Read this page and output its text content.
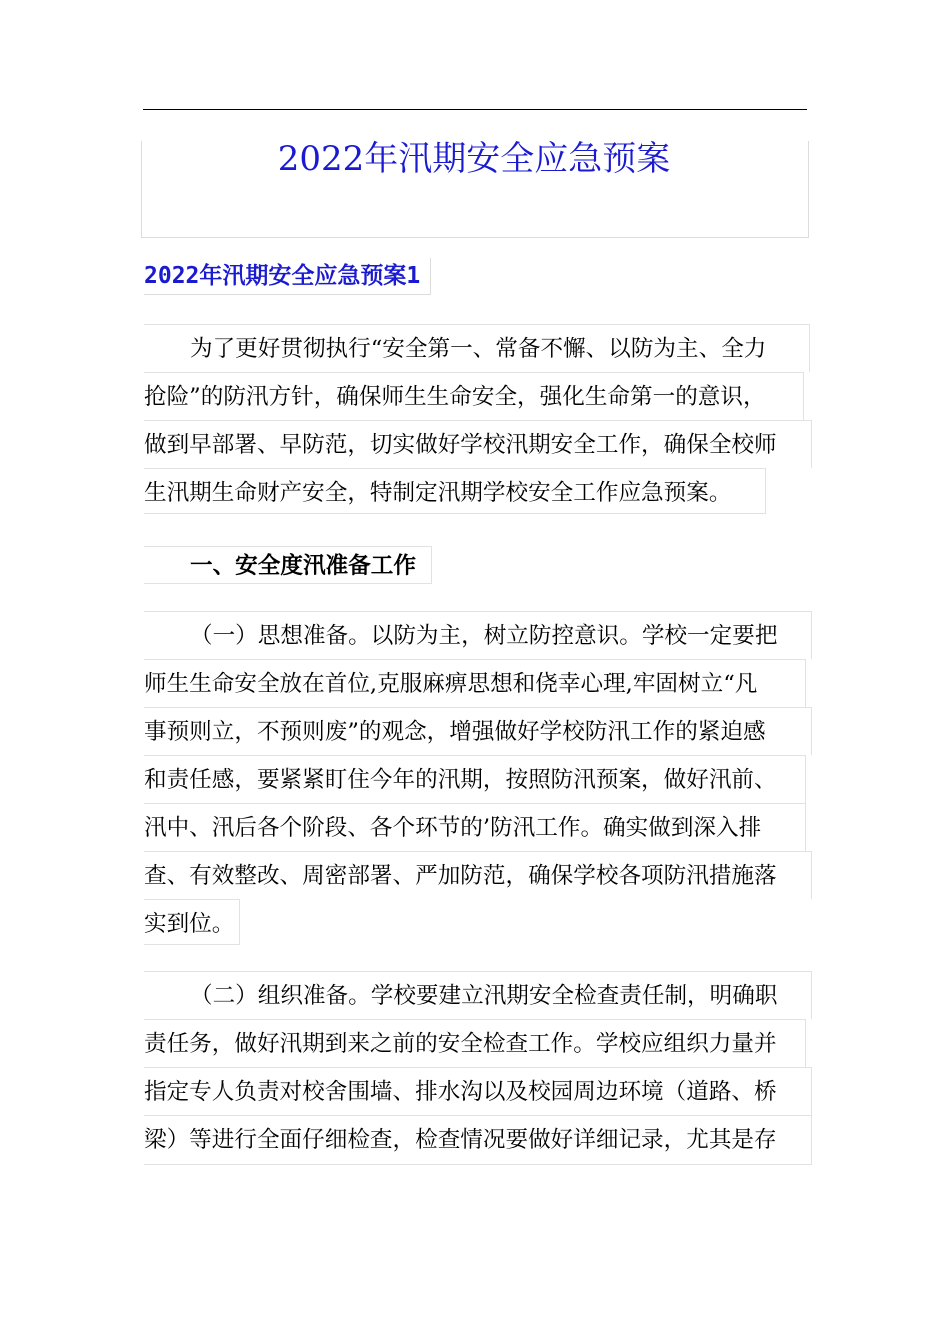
2022年汛期安全应急预案
2022年汛期安全应急预案1
为了更好贯彻执行“安全第一、常备不懈、以防为主、全力
抢险”的防汛方针，确保师生生命安全，强化生命第一的意识，
做到早部署、早防范，切实做好学校汛期安全工作，确保全校师
生汛期生命财产安全，特制定汛期学校安全工作应急预案。
一、安全度汛准备工作
（一）思想准备。以防为主，树立防控意识。学校一定要把
师生生命安全放在首位,克服麻痹思想和侥幸心理,牢固树立“凡
事预则立，不预则废”的观念，增强做好学校防汛工作的紧迫感
和责任感，要紧紧盯住今年的汛期，按照防汛预案，做好汛前、
汛中、汛后各个阶段、各个环节的’防汛工作。确实做到深入排
查、有效整改、周密部署、严加防范，确保学校各项防汛措施落
实到位。
（二）组织准备。学校要建立汛期安全检查责任制，明确职
责任务，做好汛期到来之前的安全检查工作。学校应组织力量并
指定专人负责对校舍围墙、排水沟以及校园周边环境（道路、桥
梁）等进行全面仔细检查，检查情况要做好详细记录，尤其是存
